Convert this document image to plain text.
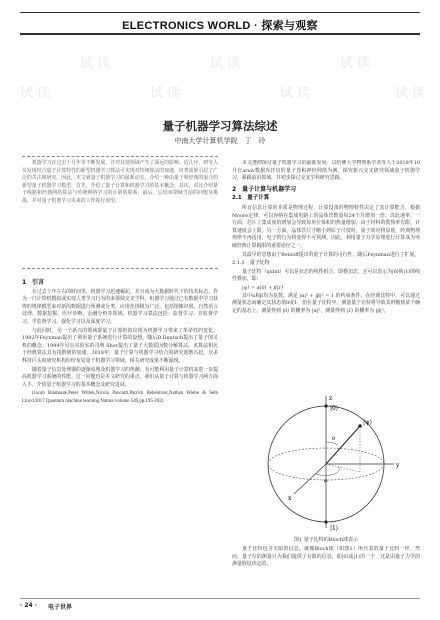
ELECTRONICS WORLD · 探索与观察
试读	试读	试读
试读	试读	试读	试读
量子机器学习算法综述
中南大学计算机学院　丁　玲
机器学习在过去十几年里不断发展，并对其他领域产生了深远的影响。近几年，研究人员发现结合量子计算特性的新型机器学习算法可实现对传统算法的加速，该类成果引起了广泛的关注和研究。因此，本文就量子机器学习的最新动态，介绍一种由量子和经典的混合的新型量子机器学习模型。首先，介绍了量子计算和机器学习的基本概念；其次，对比介绍量子线路和经典网络算法与传统网络学习的区别和联系；最后，总结该领域当前的问题及挑战，并对量子机器学习未来的工作进行展望。
1　引言

在过去十年左右的时间里，机器学习迅速崛起，并且成为大数据时代下的技术标志。作为一门计算机模拟或实现人类学习行为的多领域交叉学科，机器学习通过已有数据中学习获得的规律模型来对新的数据进行预测或分类，应用范围极为广泛，包括图像识别、自然语言处理、数据挖掘、医疗诊断、金融分析等领域。机器学习算法包括：监督学习、非监督学习、半监督学习、强化学习以及深度学习。

与此同时，另一个新兴的领域即量子计算机的出现为机器学习带来了革命性的变化。1982年Feynman提出了利用量子系统进行计算的设想，随后D.Deutsch提出了量子图灵机的概念。1994年贝尔实验室的司明 Shor提出了量子大数质因数分解算法，该算法相比于经典算法具有指数级的加速。2018年，量子计算与机器学习结合的研究逐渐兴起，众多科技巨头和研究机构纷纷布局量子机器学习领域，相关研究成果不断涌现。

随着量子信息处理器的逐渐成熟及机器学习的热潮，有可能利用量子计算机来进一步提高机器学习系统的性能。这一问题也是本文研究的重点，我们从量子计算与机器学习两方面入手，介绍量子机器学习的基本概念及研究进展。

(Jacob Biamonte,Peter Wittek,Nicola Pancotti,Patrick Rebentrost,Nathan Wiebe & Seth Lloyd.2017.Quantum machine learning.Nature volume 549,pp.195-202)

本文透彻探讨量子机器学习的最新发展：以哈佛大学物理系学者等人于2018年10月在arxiv数据库挂出的量子卷积神经网络为例，探究新兴交叉研究领域量子机器学习，紧跟前沿领域，并初步探讨交叉学科研究思路。

2　量子计算与机器学习
2.1　量子计算

所有信息计算的本质是物理过程，计算设备的物理特性决定了其计算能力。根据Moore定律，可以容纳在集成电路上的晶体管数量每24个月增加一倍，以此速率，一方面，芯片上集成度的增加会导致每单位体积的热量增加，由于材料的散热率有限，计算速度会上限。另一方面，晶体管尺寸缩小到原子尺度时，量子效应将显现，经典物理规律不再适用，电子的行为将变得不可预测。因此，利用量子力学原理进行计算成为突破经典计算极限的重要途径之一。

其最早的思想由于Benioff提出的量子计算的可行性，随后Feynman进行了扩展。

2.1.1　量子比特

量子比特（qubit）可以是状态的线性组合，即叠加态，它可以表示为|0⟩和|1⟩的线性叠加，即：

|ψ⟩ = α|0⟩ + β|1⟩

其中α和β均为复数，满足 |α|² + |β|² = 1 的约束条件。在经典比特中，可以通过测量状态而确定其状态值0或1，但在量子比特中，测量量子比特将导致其坍缩到某个确定的基态上，测量得到 |0⟩ 的概率为 |α|²，测量得到 |1⟩ 的概率为 |β|²。

z
|0⟩
|1⟩
|ψ⟩
θ
φ
y
x
图1 量子比特的Bloch球表示

量子比特包含无限的信息，就像Bloch球（如图1）所代表的量子比特一样。然而，量子位的测量只为我们提供了有限的信息，即|0⟩或|1⟩的一个，这是由量子力学的测量假设决定的。

· 24 · 电子世界
